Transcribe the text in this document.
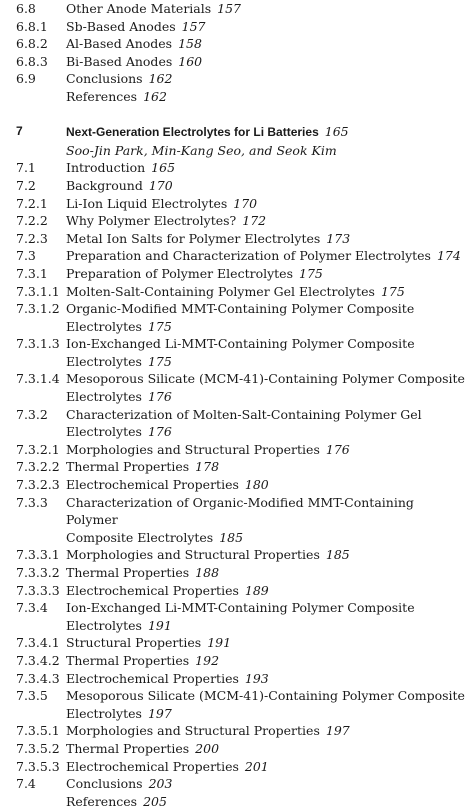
6.8 Other Anode Materials 157
6.8.1 Sb-Based Anodes 157
6.8.2 Al-Based Anodes 158
6.8.3 Bi-Based Anodes 160
6.9 Conclusions 162
References 162
7	Next-Generation Electrolytes for Li Batteries 165
Soo-Jin Park, Min-Kang Seo, and Seok Kim
7.1 Introduction 165
7.2 Background 170
7.2.1 Li-Ion Liquid Electrolytes 170
7.2.2 Why Polymer Electrolytes? 172
7.2.3 Metal Ion Salts for Polymer Electrolytes 173
7.3 Preparation and Characterization of Polymer Electrolytes 174
7.3.1 Preparation of Polymer Electrolytes 175
7.3.1.1 Molten-Salt-Containing Polymer Gel Electrolytes 175
7.3.1.2 Organic-Modified MMT-Containing Polymer Composite
Electrolytes 175
7.3.1.3 Ion-Exchanged Li-MMT-Containing Polymer Composite
Electrolytes 175
7.3.1.4 Mesoporous Silicate (MCM-41)-Containing Polymer Composite
Electrolytes 176
7.3.2 Characterization of Molten-Salt-Containing Polymer Gel
Electrolytes 176
7.3.2.1 Morphologies and Structural Properties 176
7.3.2.2 Thermal Properties 178
7.3.2.3 Electrochemical Properties 180
7.3.3 Characterization of Organic-Modified MMT-Containing Polymer
Composite Electrolytes 185
7.3.3.1 Morphologies and Structural Properties 185
7.3.3.2 Thermal Properties 188
7.3.3.3 Electrochemical Properties 189
7.3.4 Ion-Exchanged Li-MMT-Containing Polymer Composite
Electrolytes 191
7.3.4.1 Structural Properties 191
7.3.4.2 Thermal Properties 192
7.3.4.3 Electrochemical Properties 193
7.3.5 Mesoporous Silicate (MCM-41)-Containing Polymer Composite
Electrolytes 197
7.3.5.1 Morphologies and Structural Properties 197
7.3.5.2 Thermal Properties 200
7.3.5.3 Electrochemical Properties 201
7.4 Conclusions 203
References 205
